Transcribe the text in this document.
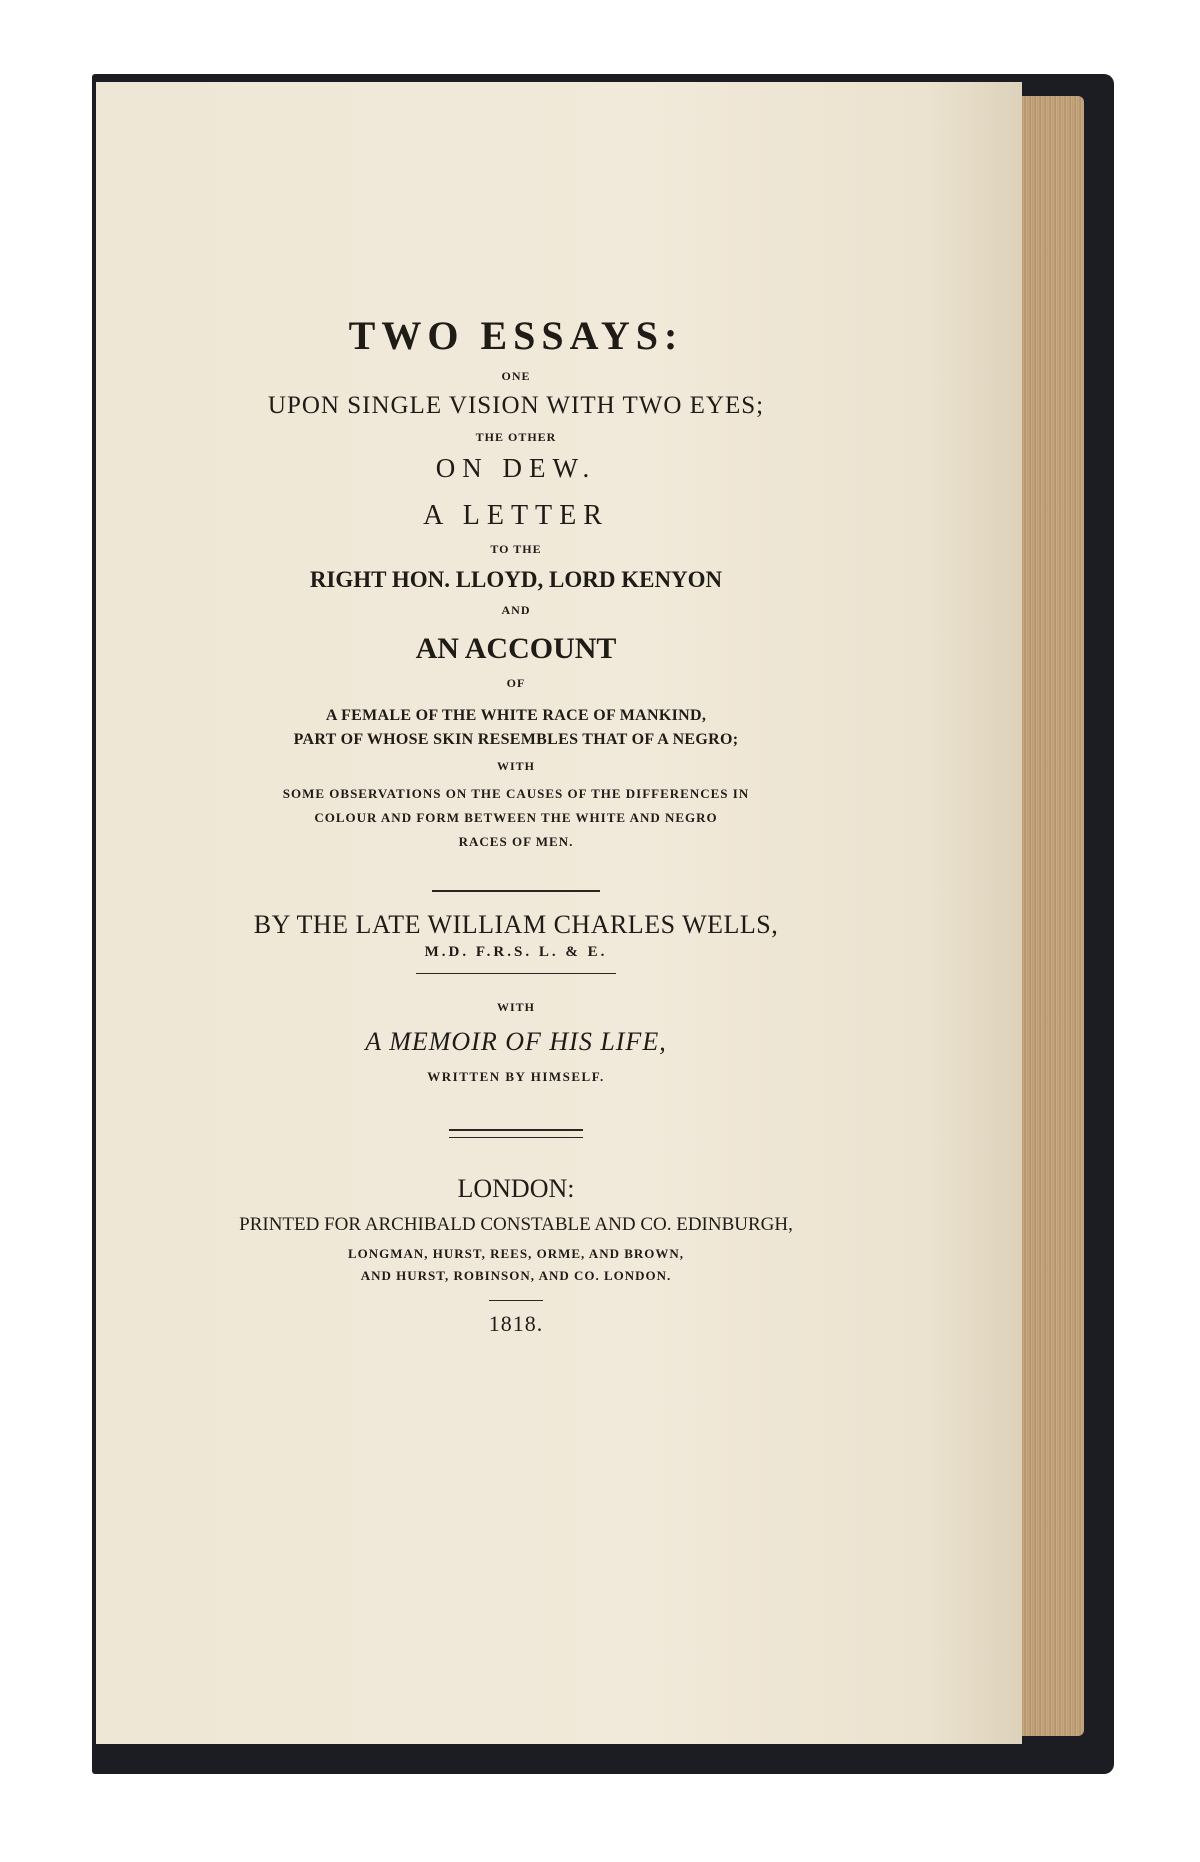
TWO ESSAYS:
ONE
UPON SINGLE VISION WITH TWO EYES;
THE OTHER
ON DEW.
A LETTER
TO THE
RIGHT HON. LLOYD, LORD KENYON
AND
AN ACCOUNT
OF
A FEMALE OF THE WHITE RACE OF MANKIND,
PART OF WHOSE SKIN RESEMBLES THAT OF A NEGRO;
WITH
SOME OBSERVATIONS ON THE CAUSES OF THE DIFFERENCES IN
COLOUR AND FORM BETWEEN THE WHITE AND NEGRO
RACES OF MEN.
BY THE LATE WILLIAM CHARLES WELLS,
M.D. F.R.S. L. & E.
WITH
A MEMOIR OF HIS LIFE,
WRITTEN BY HIMSELF.
LONDON:
PRINTED FOR ARCHIBALD CONSTABLE AND CO. EDINBURGH,
LONGMAN, HURST, REES, ORME, AND BROWN,
AND HURST, ROBINSON, AND CO. LONDON.
1818.
